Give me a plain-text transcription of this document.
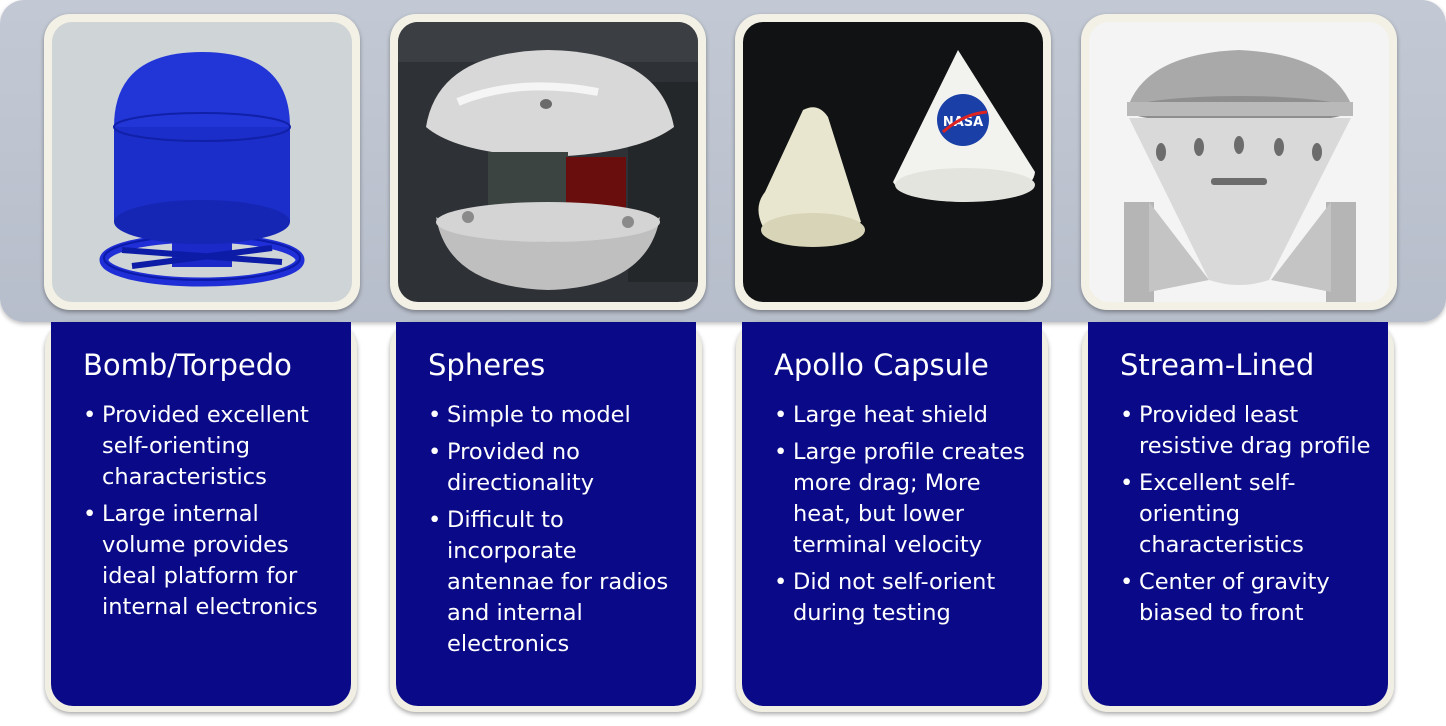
NASA
Bomb/Torpedo
• Provided excellent self-orienting characteristics
• Large internal volume provides ideal platform for internal electronics
Spheres
• Simple to model
• Provided no directionality
• Difficult to incorporate antennae for radios and internal electronics
Apollo Capsule
• Large heat shield
• Large profile creates more drag; More heat, but lower terminal velocity
• Did not self-orient during testing
Stream-Lined
• Provided least resistive drag profile
• Excellent self-orienting characteristics
• Center of gravity biased to front
